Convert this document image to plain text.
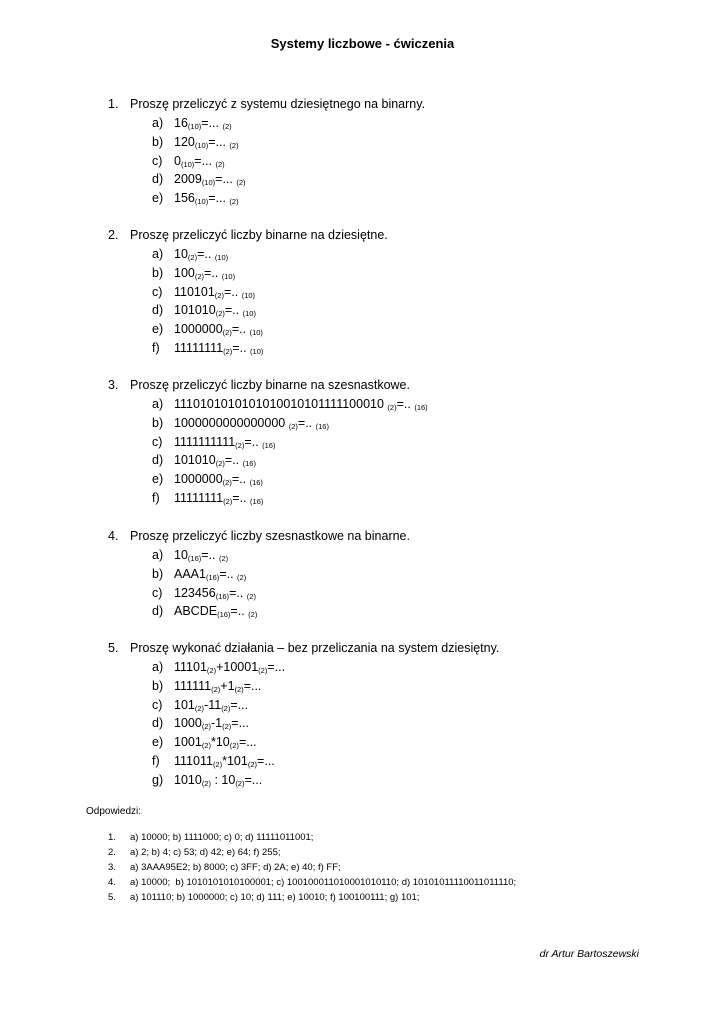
Systemy liczbowe - ćwiczenia
1. Proszę przeliczyć z systemu dziesiętnego na binarny.
a) $16_{(10)}=$... $_{(2)}$
b) $120_{(10)}=$... $_{(2)}$
c) $0_{(10)}=$... $_{(2)}$
d) $2009_{(10)}=$... $_{(2)}$
e) $156_{(10)}=$... $_{(2)}$
2. Proszę przeliczyć liczby binarne na dziesiętne.
a) $10_{(2)}=$.. $_{(10)}$
b) $100_{(2)}=$.. $_{(10)}$
c) $110101_{(2)}=$.. $_{(10)}$
d) $101010_{(2)}=$.. $_{(10)}$
e) $1000000_{(2)}=$.. $_{(10)}$
f) $11111111_{(2)}=$.. $_{(10)}$
3. Proszę przeliczyć liczby binarne na szesnastkowe.
a) 1110101010101010010101111100010 $_{(2)}$=.. $_{(16)}$
b) 1000000000000000 $_{(2)}$=.. $_{(16)}$
c) $1111111111_{(2)}=$.. $_{(16)}$
d) $101010_{(2)}=$.. $_{(16)}$
e) $1000000_{(2)}=$.. $_{(16)}$
f) $11111111_{(2)}=$.. $_{(16)}$
4. Proszę przeliczyć liczby szesnastkowe na binarne.
a) $10_{(16)}=$.. $_{(2)}$
b) $AAA1_{(16)}=$.. $_{(2)}$
c) $123456_{(16)}=$.. $_{(2)}$
d) $ABCDE_{(16)}=$.. $_{(2)}$
5. Proszę wykonać działania – bez przeliczania na system dziesiętny.
a) $11101_{(2)}+10001_{(2)}=$...
b) $111111_{(2)}+1_{(2)}=$...
c) $101_{(2)}-11_{(2)}=$...
d) $1000_{(2)}-1_{(2)}=$...
e) $1001_{(2)}*10_{(2)}=$...
f) $111011_{(2)}*101_{(2)}=$...
g) $1010_{(2)}$ : $10_{(2)}=$...
Odpowiedzi:
1. a) 10000; b) 1111000; c) 0; d) 11111011001;
2. a) 2; b) 4; c) 53; d) 42; e) 64; f) 255;
3. a) 3AAA95E2; b) 8000; c) 3FF; d) 2A; e) 40; f) FF;
4. a) 10000;  b) 1010101010100001; c) 100100011010001010110; d) 10101011110011011110;
5. a) 101110; b) 1000000; c) 10; d) 111; e) 10010; f) 100100111; g) 101;
dr Artur Bartoszewski
